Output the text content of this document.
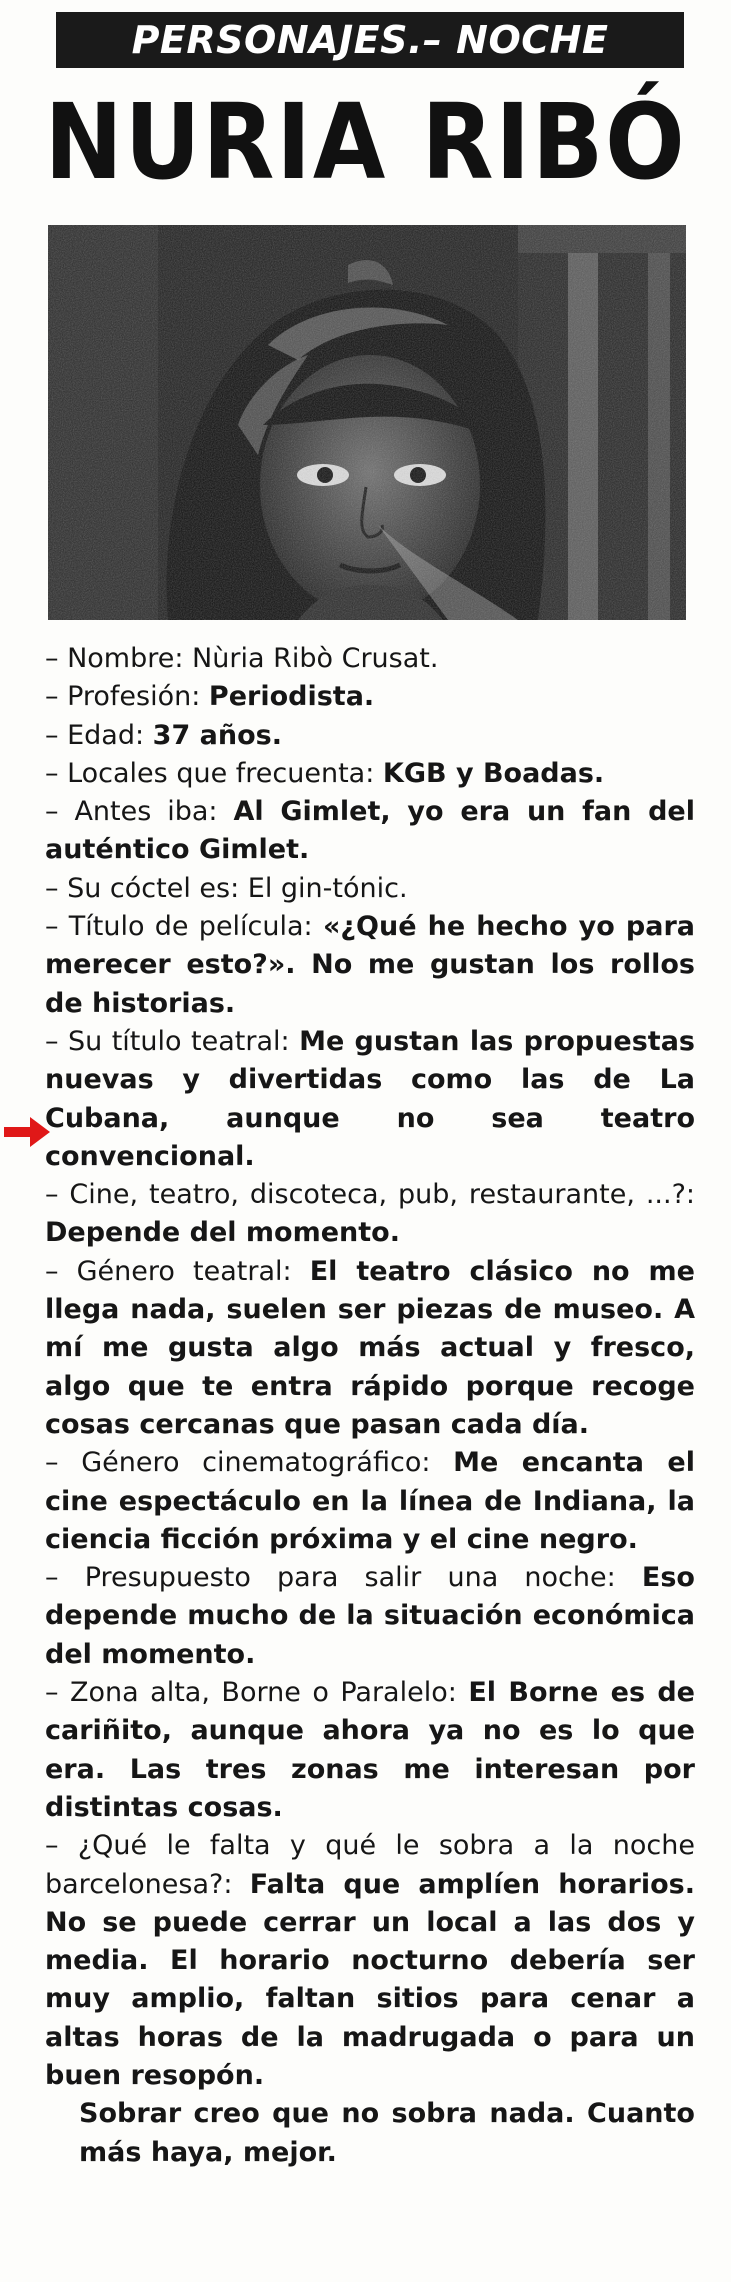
PERSONAJES.– NOCHE
NURIA RIBÓ

– Nombre: Nùria Ribò Crusat.

– Profesión: Periodista.

– Edad: 37 años.

– Locales que frecuenta: KGB y Boadas.

– Antes iba: Al Gimlet, yo era un fan del auténtico Gimlet.

– Su cóctel es: El gin-tónic.

– Título de película: «¿Qué he hecho yo para merecer esto?». No me gustan los rollos de historias.

– Su título teatral: Me gustan las propuestas nuevas y divertidas como las de La Cubana, aunque no sea teatro convencional.

– Cine, teatro, discoteca, pub, restaurante, ...?: Depende del momento.

– Género teatral: El teatro clásico no me llega nada, suelen ser piezas de museo. A mí me gusta algo más actual y fresco, algo que te entra rápido porque recoge cosas cercanas que pasan cada día.

– Género cinematográfico: Me encanta el cine espectáculo en la línea de Indiana, la ciencia ficción próxima y el cine negro.

– Presupuesto para salir una noche: Eso depende mucho de la situación económica del momento.

– Zona alta, Borne o Paralelo: El Borne es de cariñito, aunque ahora ya no es lo que era. Las tres zonas me interesan por distintas cosas.

– ¿Qué le falta y qué le sobra a la noche barcelonesa?: Falta que amplíen horarios. No se puede cerrar un local a las dos y media. El horario nocturno debería ser muy amplio, faltan sitios para cenar a altas horas de la madrugada o para un buen resopón.

Sobrar creo que no sobra nada. Cuanto más haya, mejor.
